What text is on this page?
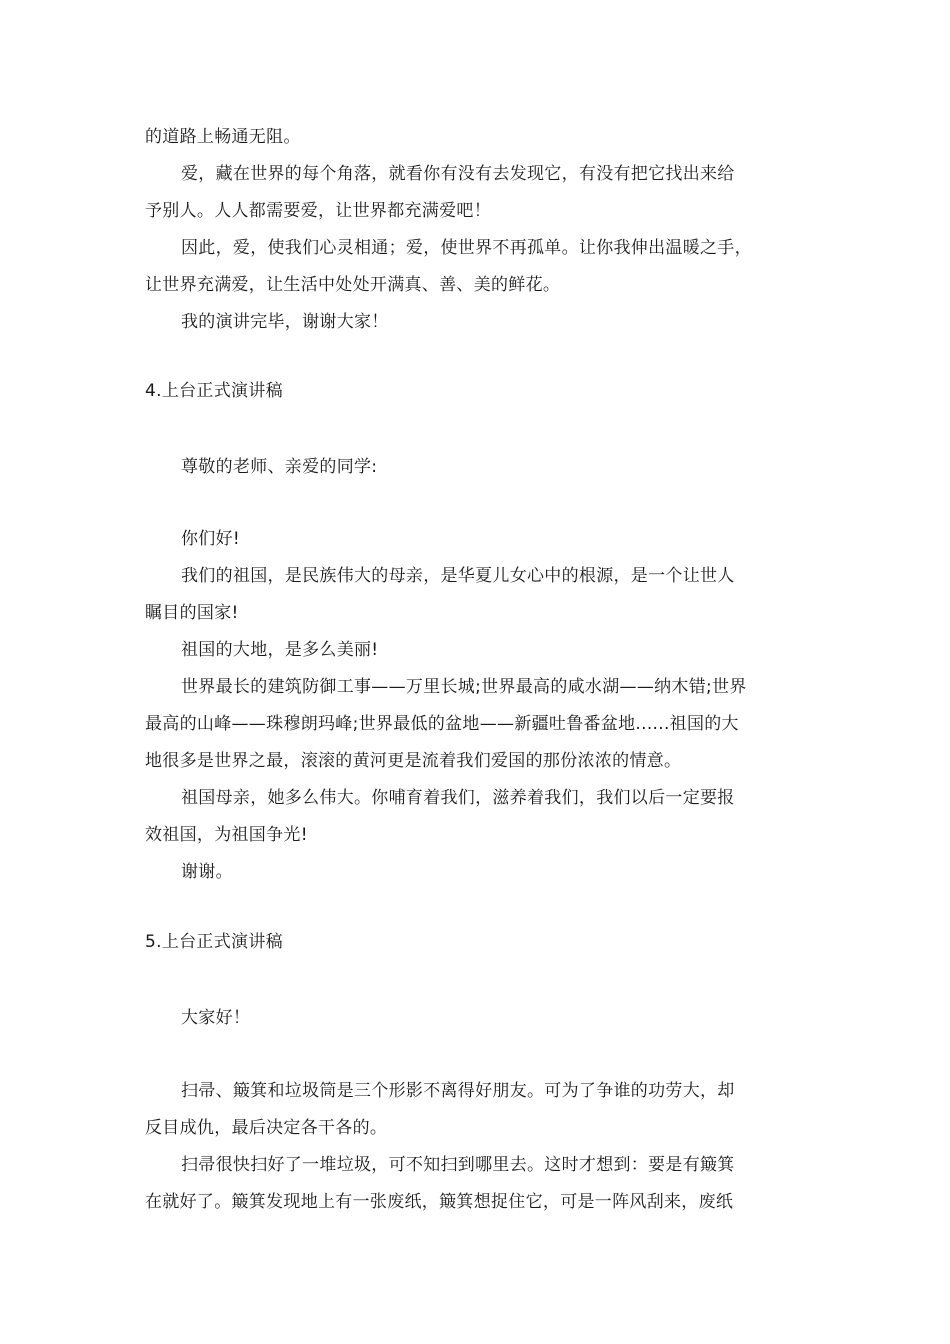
的道路上畅通无阻。
爱，藏在世界的每个角落，就看你有没有去发现它，有没有把它找出来给
予别人。人人都需要爱，让世界都充满爱吧！
因此，爱，使我们心灵相通；爱，使世界不再孤单。让你我伸出温暖之手，
让世界充满爱，让生活中处处开满真、善、美的鲜花。
我的演讲完毕，谢谢大家！
4.上台正式演讲稿
尊敬的老师、亲爱的同学:
你们好!
我们的祖国，是民族伟大的母亲，是华夏儿女心中的根源，是一个让世人
瞩目的国家!
祖国的大地，是多么美丽!
世界最长的建筑防御工事——万里长城;世界最高的咸水湖——纳木错;世界
最高的山峰——珠穆朗玛峰;世界最低的盆地——新疆吐鲁番盆地......祖国的大
地很多是世界之最，滚滚的黄河更是流着我们爱国的那份浓浓的情意。
祖国母亲，她多么伟大。你哺育着我们，滋养着我们，我们以后一定要报
效祖国，为祖国争光!
谢谢。
5.上台正式演讲稿
大家好！
扫帚、簸箕和垃圾筒是三个形影不离得好朋友。可为了争谁的功劳大，却
反目成仇，最后决定各干各的。
扫帚很快扫好了一堆垃圾，可不知扫到哪里去。这时才想到：要是有簸箕
在就好了。簸箕发现地上有一张废纸，簸箕想捉住它，可是一阵风刮来，废纸
